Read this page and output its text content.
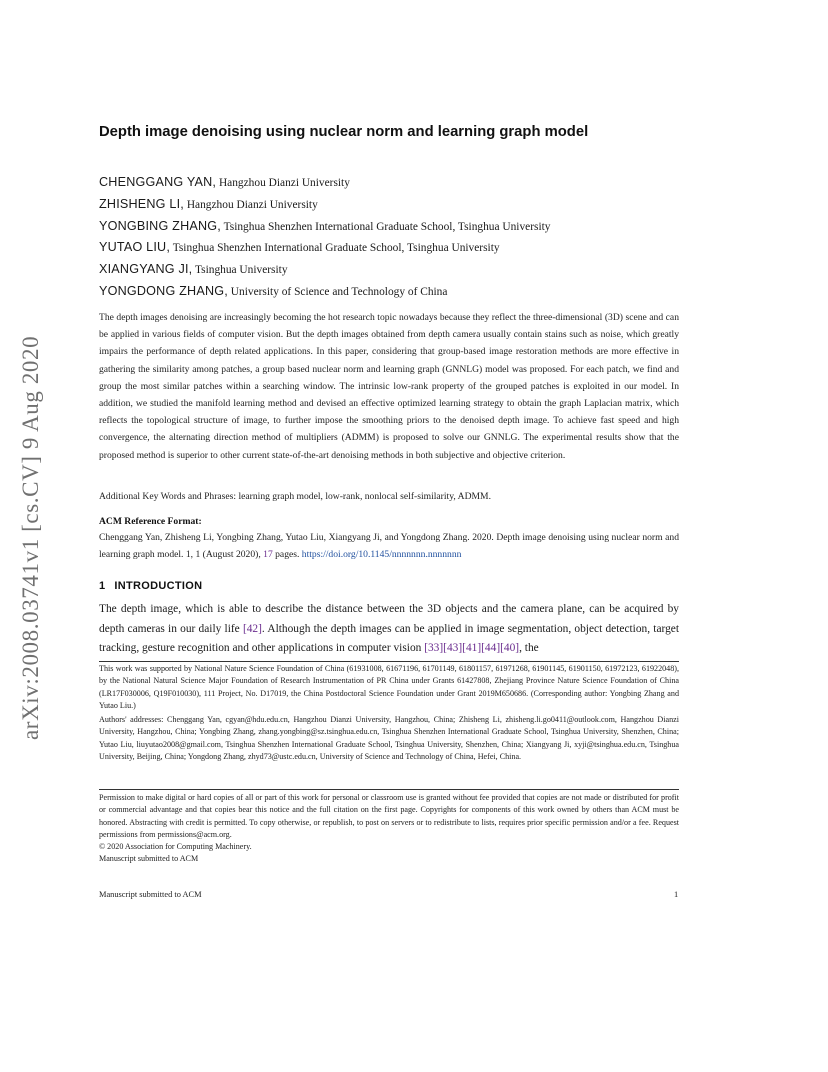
arXiv:2008.03741v1 [cs.CV] 9 Aug 2020
Depth image denoising using nuclear norm and learning graph model
CHENGGANG YAN, Hangzhou Dianzi University
ZHISHENG LI, Hangzhou Dianzi University
YONGBING ZHANG, Tsinghua Shenzhen International Graduate School, Tsinghua University
YUTAO LIU, Tsinghua Shenzhen International Graduate School, Tsinghua University
XIANGYANG JI, Tsinghua University
YONGDONG ZHANG, University of Science and Technology of China
The depth images denoising are increasingly becoming the hot research topic nowadays because they reflect the three-dimensional (3D) scene and can be applied in various fields of computer vision. But the depth images obtained from depth camera usually contain stains such as noise, which greatly impairs the performance of depth related applications. In this paper, considering that group-based image restoration methods are more effective in gathering the similarity among patches, a group based nuclear norm and learning graph (GNNLG) model was proposed. For each patch, we find and group the most similar patches within a searching window. The intrinsic low-rank property of the grouped patches is exploited in our model. In addition, we studied the manifold learning method and devised an effective optimized learning strategy to obtain the graph Laplacian matrix, which reflects the topological structure of image, to further impose the smoothing priors to the denoised depth image. To achieve fast speed and high convergence, the alternating direction method of multipliers (ADMM) is proposed to solve our GNNLG. The experimental results show that the proposed method is superior to other current state-of-the-art denoising methods in both subjective and objective criterion.
Additional Key Words and Phrases: learning graph model, low-rank, nonlocal self-similarity, ADMM.
ACM Reference Format:
Chenggang Yan, Zhisheng Li, Yongbing Zhang, Yutao Liu, Xiangyang Ji, and Yongdong Zhang. 2020. Depth image denoising using nuclear norm and learning graph model. 1, 1 (August 2020), 17 pages. https://doi.org/10.1145/nnnnnnn.nnnnnnn
1 INTRODUCTION
The depth image, which is able to describe the distance between the 3D objects and the camera plane, can be acquired by depth cameras in our daily life [42]. Although the depth images can be applied in image segmentation, object detection, target tracking, gesture recognition and other applications in computer vision [33][43][41][44][40], the
This work was supported by National Nature Science Foundation of China (61931008, 61671196, 61701149, 61801157, 61971268, 61901145, 61901150, 61972123, 61922048), by the National Natural Science Major Foundation of Research Instrumentation of PR China under Grants 61427808, Zhejiang Province Nature Science Foundation of China (LR17F030006, Q19F010030), 111 Project, No. D17019, the China Postdoctoral Science Foundation under Grant 2019M650686. (Corresponding author: Yongbing Zhang and Yutao Liu.)
Authors' addresses: Chenggang Yan, cgyan@hdu.edu.cn, Hangzhou Dianzi University, Hangzhou, China; Zhisheng Li, zhisheng.li.go0411@outlook.com, Hangzhou Dianzi University, Hangzhou, China; Yongbing Zhang, zhang.yongbing@sz.tsinghua.edu.cn, Tsinghua Shenzhen International Graduate School, Tsinghua University, Shenzhen, China; Yutao Liu, liuyutao2008@gmail.com, Tsinghua Shenzhen International Graduate School, Tsinghua University, Shenzhen, China; Xiangyang Ji, xyji@tsinghua.edu.cn, Tsinghua University, Beijing, China; Yongdong Zhang, zhyd73@ustc.edu.cn, University of Science and Technology of China, Hefei, China.
Permission to make digital or hard copies of all or part of this work for personal or classroom use is granted without fee provided that copies are not made or distributed for profit or commercial advantage and that copies bear this notice and the full citation on the first page. Copyrights for components of this work owned by others than ACM must be honored. Abstracting with credit is permitted. To copy otherwise, or republish, to post on servers or to redistribute to lists, requires prior specific permission and/or a fee. Request permissions from permissions@acm.org.
© 2020 Association for Computing Machinery.
Manuscript submitted to ACM
Manuscript submitted to ACM	1
